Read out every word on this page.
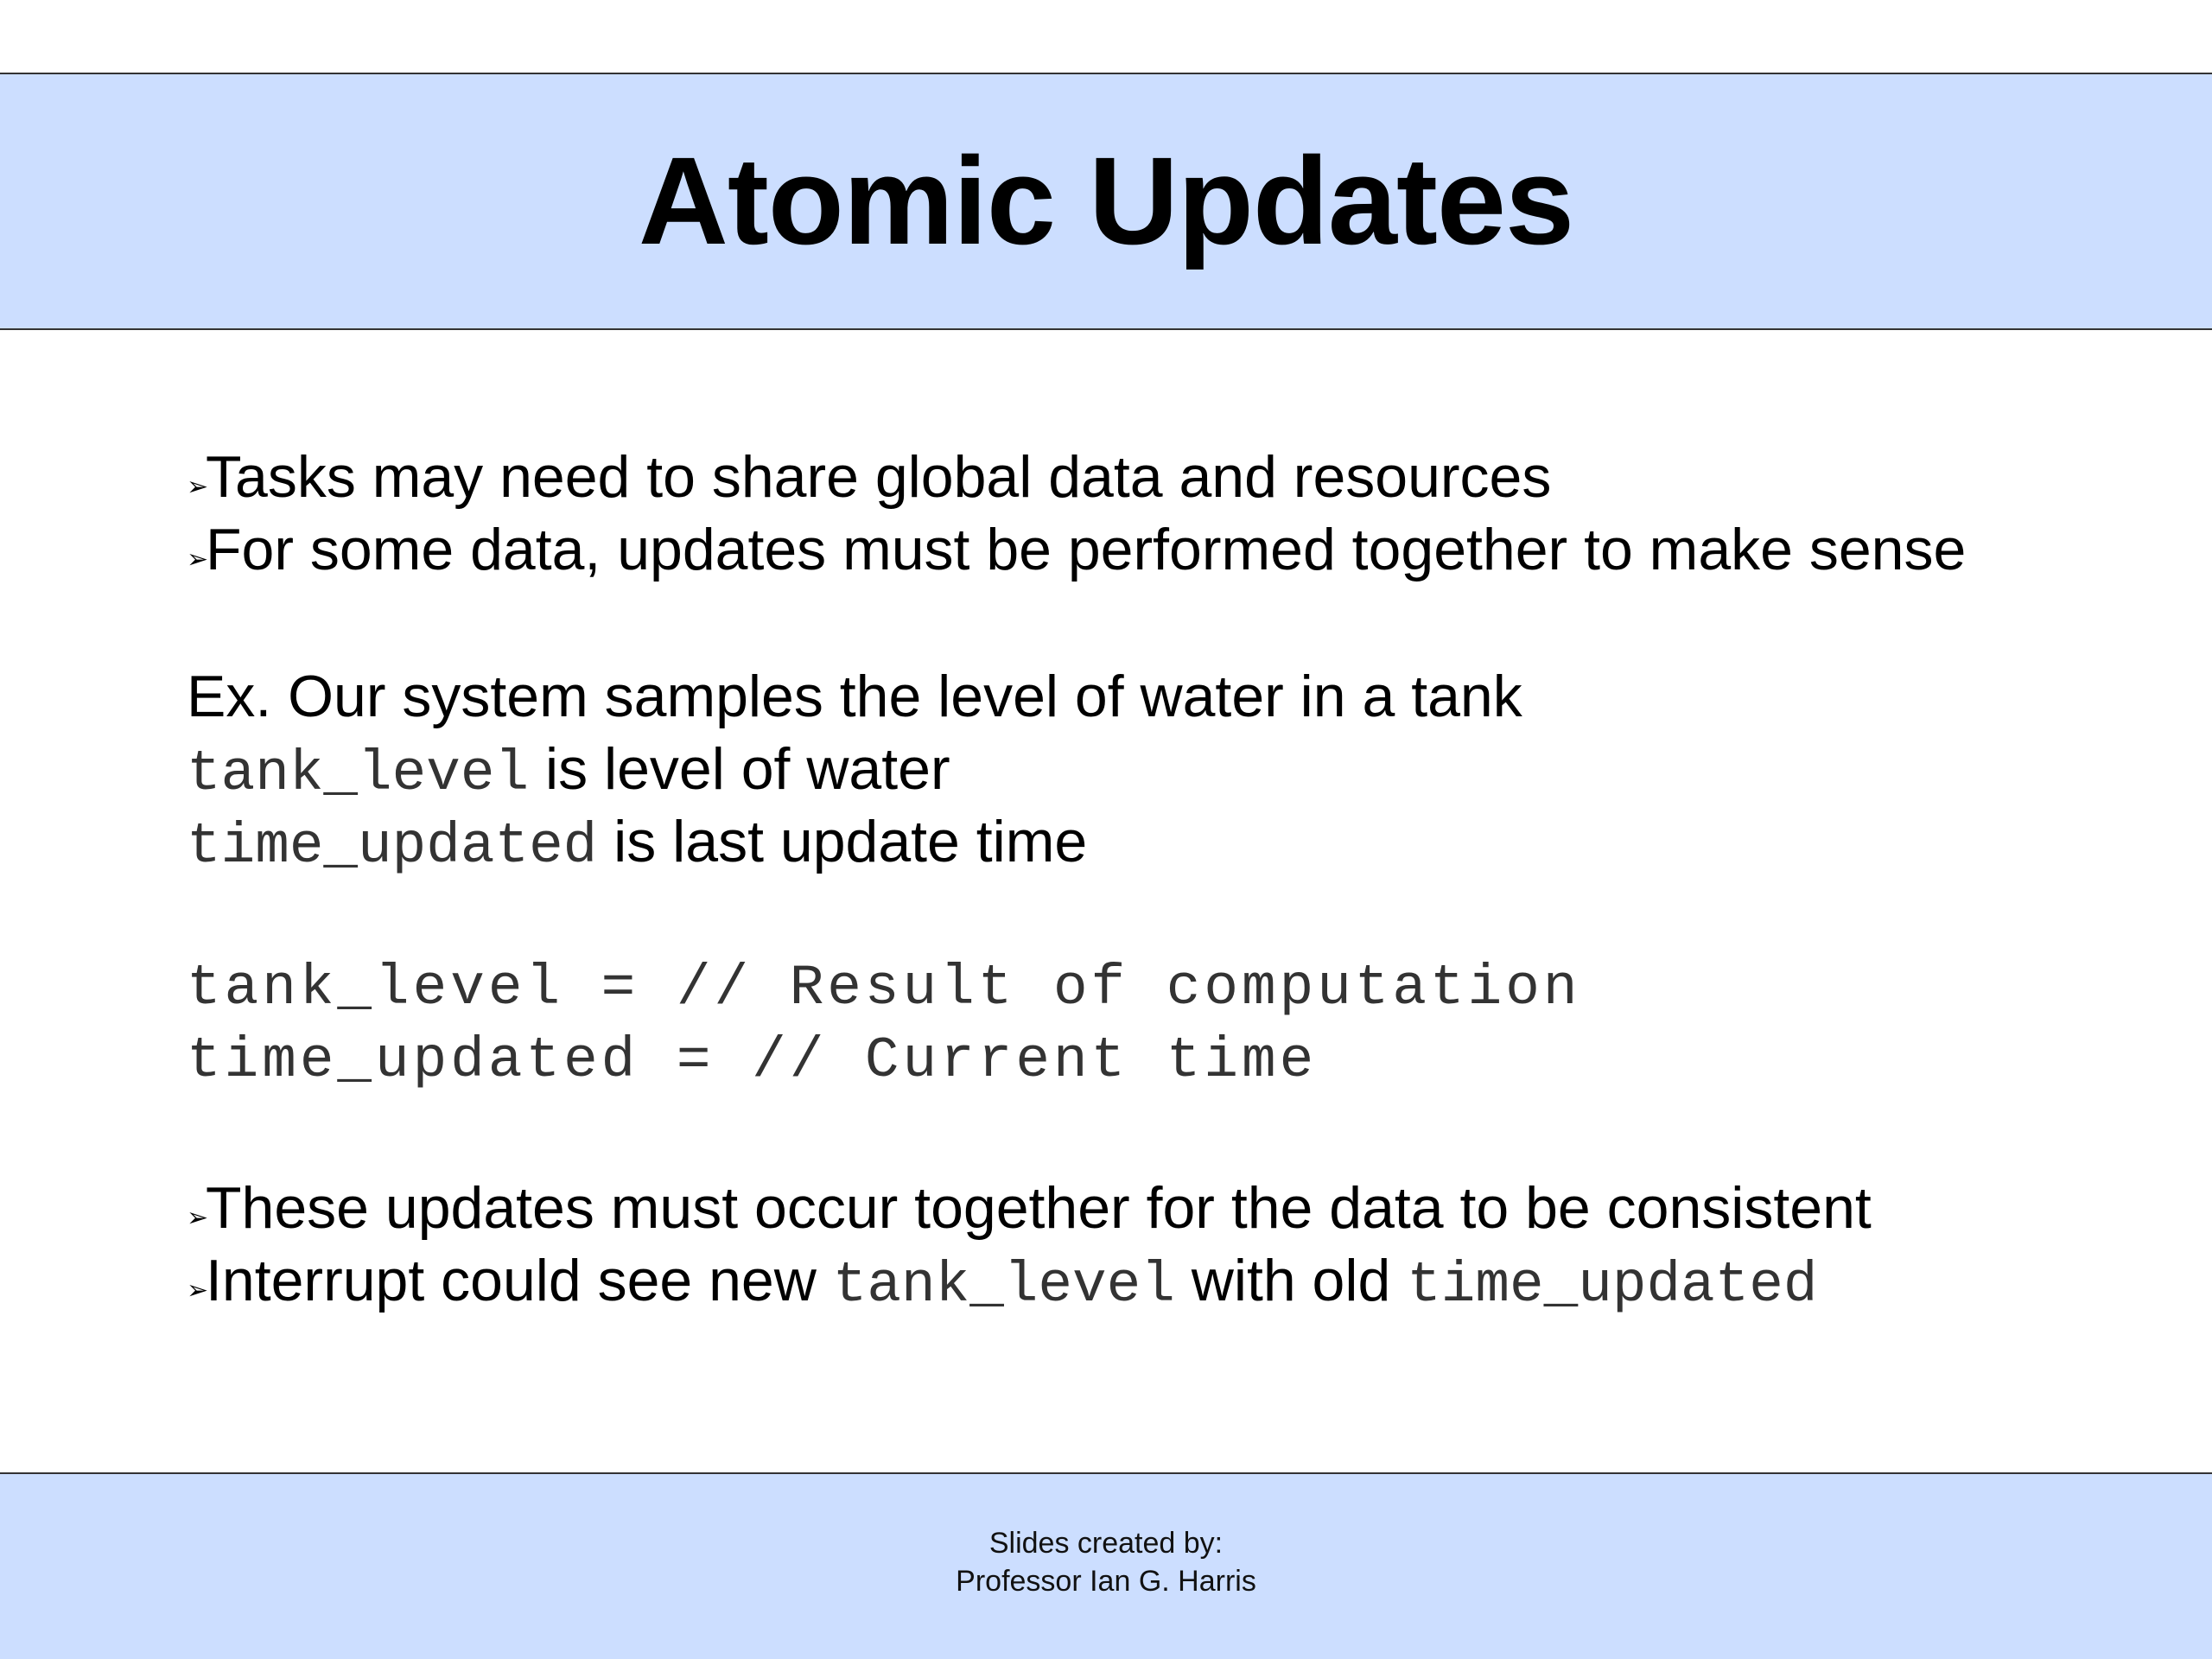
Atomic Updates
➢Tasks may need to share global data and resources
➢For some data, updates must be performed together to make sense
Ex. Our system samples the level of water in a tank
tank_level is level of water
time_updated is last update time
tank_level = // Result of computation
time_updated = // Current time
➢These updates must occur together for the data to be consistent
➢Interrupt could see new tank_level with old time_updated
Slides created by:
Professor Ian G. Harris
